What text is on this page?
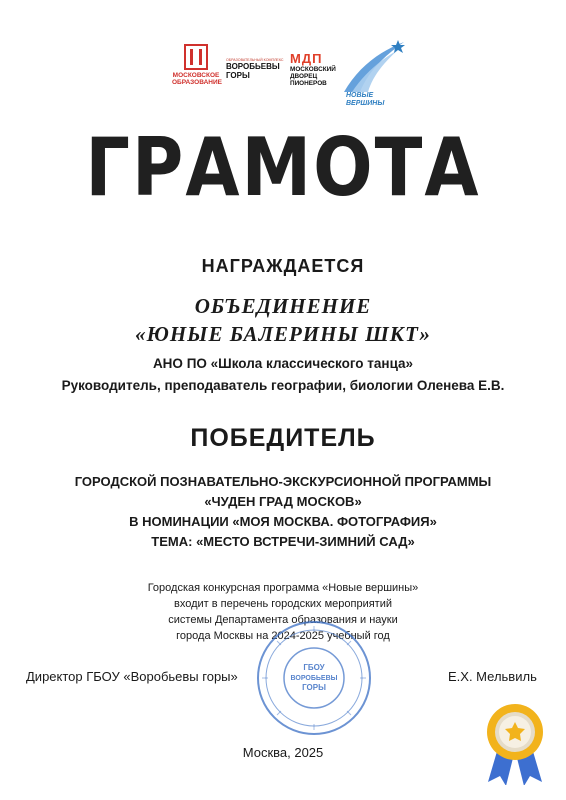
МОСКОВСКОЕ ОБРАЗОВАНИЕ
ОБРАЗОВАТЕЛЬНЫЙ КОМПЛЕКС
ВОРОБЬЕВЫ
ГОРЫ
МДП
МОСКОВСКИЙ ДВОРЕЦ ПИОНЕРОВ
НОВЫЕ ВЕРШИНЫ
ГРАМОТА
НАГРАЖДАЕТСЯ
ОБЪЕДИНЕНИЕ
«ЮНЫЕ БАЛЕРИНЫ ШКТ»
АНО ПО «Школа классического танца»
Руководитель, преподаватель географии, биологии Оленева Е.В.
ПОБЕДИТЕЛЬ
ГОРОДСКОЙ ПОЗНАВАТЕЛЬНО-ЭКСКУРСИОННОЙ ПРОГРАММЫ
«ЧУДЕН ГРАД МОСКОВ»
В НОМИНАЦИИ «МОЯ МОСКВА. ФОТОГРАФИЯ»
ТЕМА: «МЕСТО ВСТРЕЧИ-ЗИМНИЙ САД»
Городская конкурсная программа «Новые вершины»
входит в перечень городских мероприятий
системы Департамента образования и науки
города Москвы на 2024-2025 учебный год
ГБОУ
ВОРОБЬЕВЫ
ГОРЫ
Директор ГБОУ «Воробьевы горы»	Е.Х. Мельвиль
Москва, 2025
